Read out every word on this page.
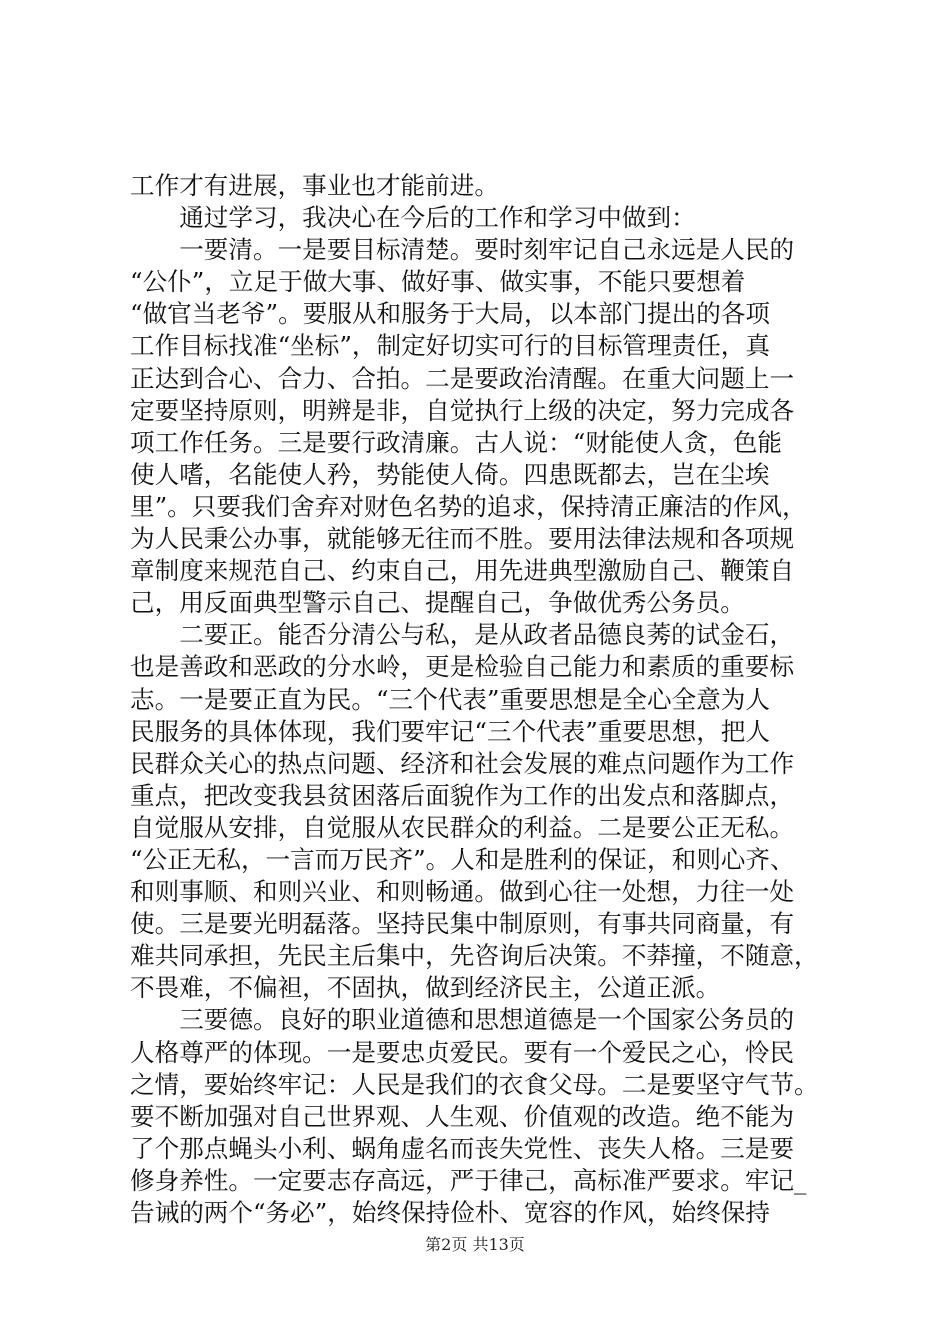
工作才有进展，事业也才能前进。
　　通过学习，我决心在今后的工作和学习中做到：
　　一要清。一是要目标清楚。要时刻牢记自己永远是人民的
“公仆”，立足于做大事、做好事、做实事，不能只要想着
“做官当老爷”。要服从和服务于大局，以本部门提出的各项
工作目标找准“坐标”，制定好切实可行的目标管理责任，真
正达到合心、合力、合拍。二是要政治清醒。在重大问题上一
定要坚持原则，明辨是非，自觉执行上级的决定，努力完成各
项工作任务。三是要行政清廉。古人说：“财能使人贪，色能
使人嗜，名能使人矜，势能使人倚。四患既都去，岂在尘埃
里”。只要我们舍弃对财色名势的追求，保持清正廉洁的作风，
为人民秉公办事，就能够无往而不胜。要用法律法规和各项规
章制度来规范自己、约束自己，用先进典型激励自己、鞭策自
己，用反面典型警示自己、提醒自己，争做优秀公务员。
　　二要正。能否分清公与私，是从政者品德良莠的试金石，
也是善政和恶政的分水岭，更是检验自己能力和素质的重要标
志。一是要正直为民。“三个代表”重要思想是全心全意为人
民服务的具体体现，我们要牢记“三个代表”重要思想，把人
民群众关心的热点问题、经济和社会发展的难点问题作为工作
重点，把改变我县贫困落后面貌作为工作的出发点和落脚点，
自觉服从安排，自觉服从农民群众的利益。二是要公正无私。
“公正无私，一言而万民齐”。人和是胜利的保证，和则心齐、
和则事顺、和则兴业、和则畅通。做到心往一处想，力往一处
使。三是要光明磊落。坚持民集中制原则，有事共同商量，有
难共同承担，先民主后集中，先咨询后决策。不莽撞，不随意，
不畏难，不偏袒，不固执，做到经济民主，公道正派。
　　三要德。良好的职业道德和思想道德是一个国家公务员的
人格尊严的体现。一是要忠贞爱民。要有一个爱民之心，怜民
之情，要始终牢记：人民是我们的衣食父母。二是要坚守气节。
要不断加强对自己世界观、人生观、价值观的改造。绝不能为
了个那点蝇头小利、蜗角虚名而丧失党性、丧失人格。三是要
修身养性。一定要志存高远，严于律己，高标准严要求。牢记_
告诫的两个“务必”，始终保持俭朴、宽容的作风，始终保持
第2页 共13页
